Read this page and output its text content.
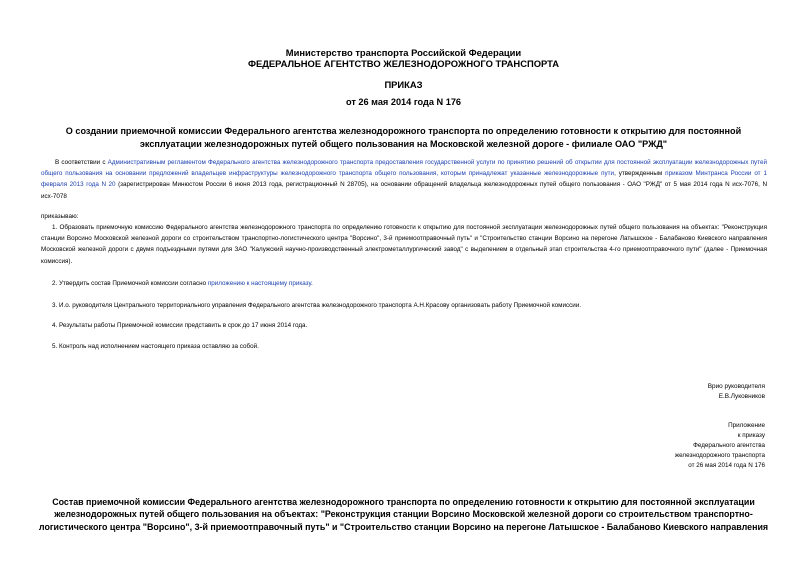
Министерство транспорта Российской Федерации
ФЕДЕРАЛЬНОЕ АГЕНТСТВО ЖЕЛЕЗНОДОРОЖНОГО ТРАНСПОРТА
ПРИКАЗ
от 26 мая 2014 года N 176
О создании приемочной комиссии Федерального агентства железнодорожного транспорта по определению готовности к открытию для постоянной эксплуатации железнодорожных путей общего пользования на Московской железной дороге - филиале ОАО "РЖД"
В соответствии с Административным регламентом Федерального агентства железнодорожного транспорта предоставления государственной услуги по принятию решений об открытии для постоянной эксплуатации железнодорожных путей общего пользования на основании предложений владельцев инфраструктуры железнодорожного транспорта общего пользования, которым принадлежат указанные железнодорожные пути, утвержденным приказом Минтранса России от 1 февраля 2013 года N 20 (зарегистрирован Минюстом России 6 июня 2013 года, регистрационный N 28705), на основании обращений владельца железнодорожных путей общего пользования - ОАО "РЖД" от 5 мая 2014 года N исх-7076, N исх-7078
приказываю:
1. Образовать приемочную комиссию Федерального агентства железнодорожного транспорта по определению готовности к открытию для постоянной эксплуатации железнодорожных путей общего пользования на объектах: "Реконструкция станции Ворсино Московской железной дороги со строительством транспортно-логистического центра "Ворсино", 3-й приемоотправочный путь" и "Строительство станции Ворсино на перегоне Латышское - Балабаново Киевского направления Московской железной дороги с двумя подъездными путями для ЗАО "Калужский научно-производственный электрометаллургический завод" с выделением в отдельный этап строительства 4-го приемоотправочного пути" (далее - Приемочная комиссия).
2. Утвердить состав Приемочной комиссии согласно приложению к настоящему приказу.
3. И.о. руководителя Центрального территориального управления Федерального агентства железнодорожного транспорта А.Н.Красову организовать работу Приемочной комиссии.
4. Результаты работы Приемочной комиссии представить в срок до 17 июня 2014 года.
5. Контроль над исполнением настоящего приказа оставляю за собой.
Врио руководителя
Е.В.Луковников
Приложение
к приказу
Федерального агентства
железнодорожного транспорта
от 26 мая 2014 года N 176
Состав приемочной комиссии Федерального агентства железнодорожного транспорта по определению готовности к открытию для постоянной эксплуатации железнодорожных путей общего пользования на объектах: "Реконструкция станции Ворсино Московской железной дороги со строительством транспортно-логистического центра "Ворсино", 3-й приемоотправочный путь" и "Строительство станции Ворсино на перегоне Латышское - Балабаново Киевского направления
